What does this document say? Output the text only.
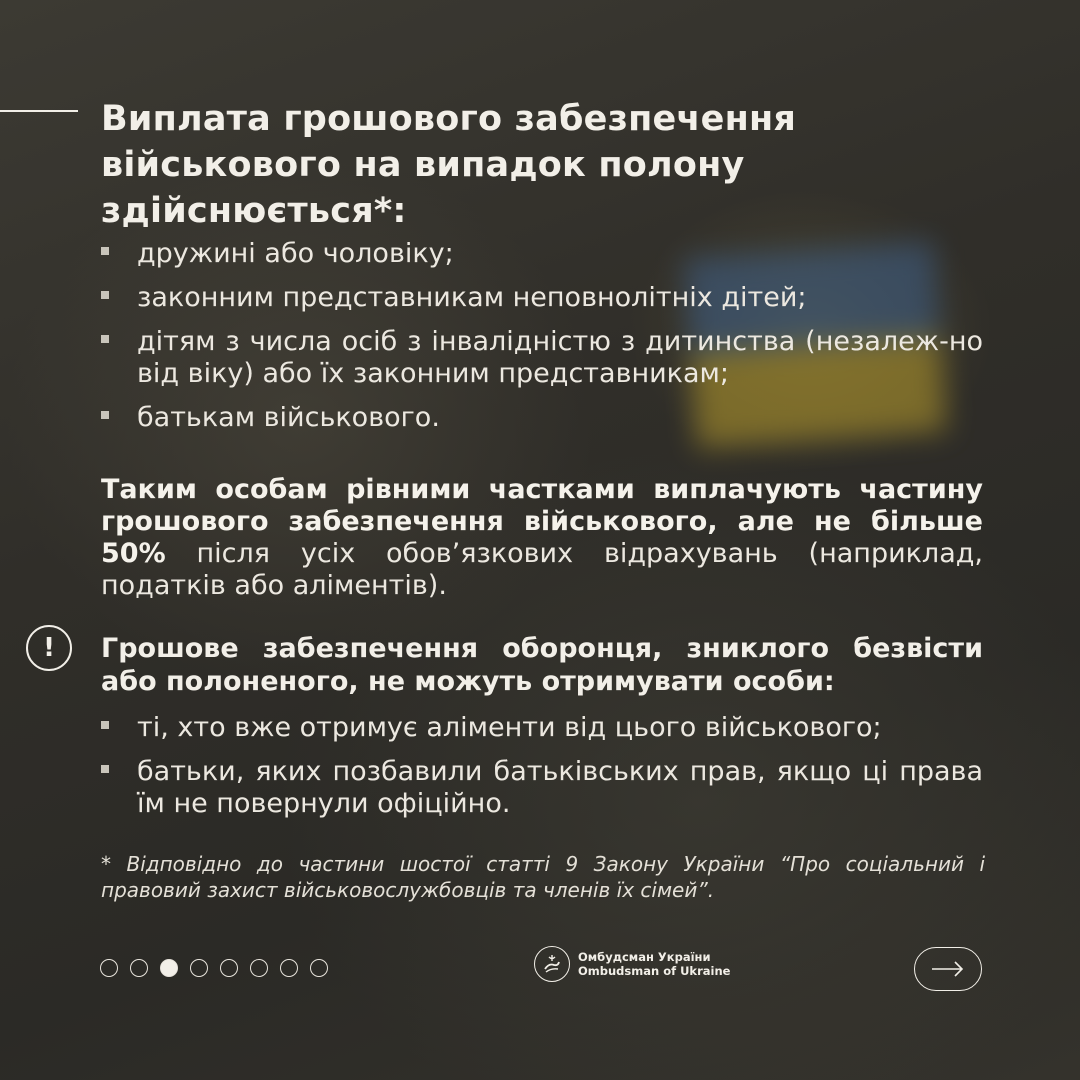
Виплата грошового забезпечення військового на випадок полону здійснюється*:
дружині або чоловіку;
законним представникам неповнолітніх дітей;
дітям з числа осіб з інвалідністю з дитинства (незалеж-но від віку) або їх законним представникам;
батькам військового.

Таким особам рівними частками виплачують частину грошового забезпечення військового, але не більше 50% після усіх обов’язкових відрахувань (наприклад, податків або аліментів).

!	Грошове забезпечення оборонця, зниклого безвісти або полоненого, не можуть отримувати особи:

ті, хто вже отримує аліменти від цього військового;
батьки, яких позбавили батьківських прав, якщо ці права їм не повернули офіційно.

* Відповідно до частини шостої статті 9 Закону України “Про соціальний і правовий захист військовослужбовців та членів їх сімей”.

Омбудсман України
Ombudsman of Ukraine
